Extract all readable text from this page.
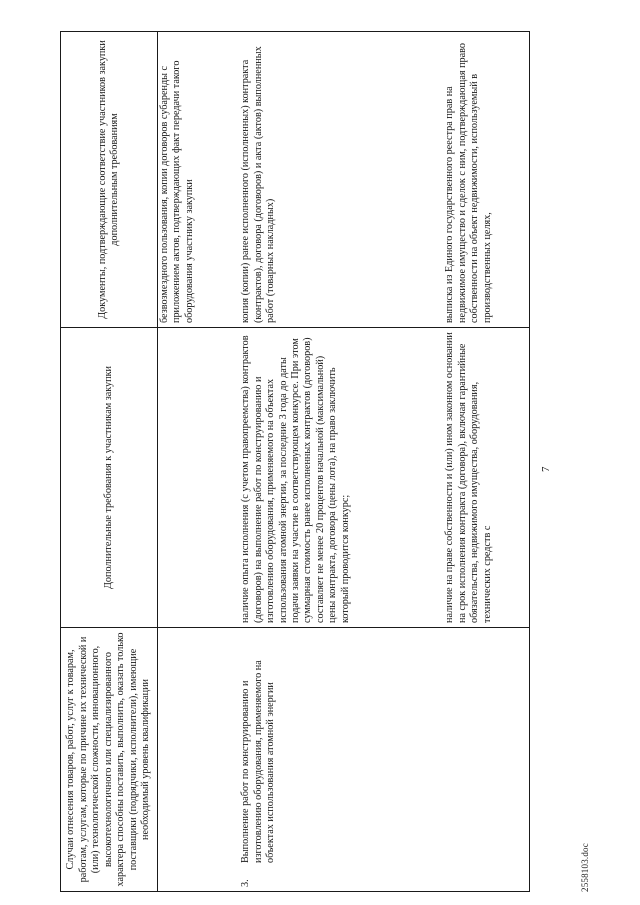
Случаи отнесения товаров, работ, услуг к товарам, работам, услугам, которые по причине их технической и (или) технологической сложности, инновационного, высокотехнологичного или специализированного характера способны поставить, выполнить, оказать только поставщики (подрядчики, исполнители), имеющие необходимый уровень квалификации	Дополнительные требования к участникам закупки	Документы, подтверждающие соответствие участников закупки дополнительным требованиям

		безвозмездного пользования, копии договоров субаренды с приложением актов, подтверждающих факт передачи такого оборудования участнику закупки

3.
Выполнение работ по конструированию и изготовлению оборудования, применяемого на объектах использования атомной энергии	наличие опыта исполнения (с учетом правопреемства) контрактов (договоров) на выполнение работ по конструированию и изготовлению оборудования, применяемого на объектах использования атомной энергии, за последние 3 года до даты подачи заявки на участие в соответствующем конкурсе. При этом суммарная стоимость ранее исполненных контрактов (договоров) составляет не менее 20 процентов начальной (максимальной) цены контракта, договора (цены лота), на право заключить который проводится конкурс;	копия (копии) ранее исполненного (исполненных) контракта (контрактов), договора (договоров) и акта (актов) выполненных работ (товарных накладных)

	наличие на праве собственности и (или) ином законном основании на срок исполнения контракта (договора), включая гарантийные обязательства, недвижимого имущества, оборудования, технических средств с	выписка из Единого государственного реестра прав на недвижимое имущество и сделок с ним, подтверждающая право собственности на объект недвижимости, используемый в производственных целях,

7
2558103.doc
